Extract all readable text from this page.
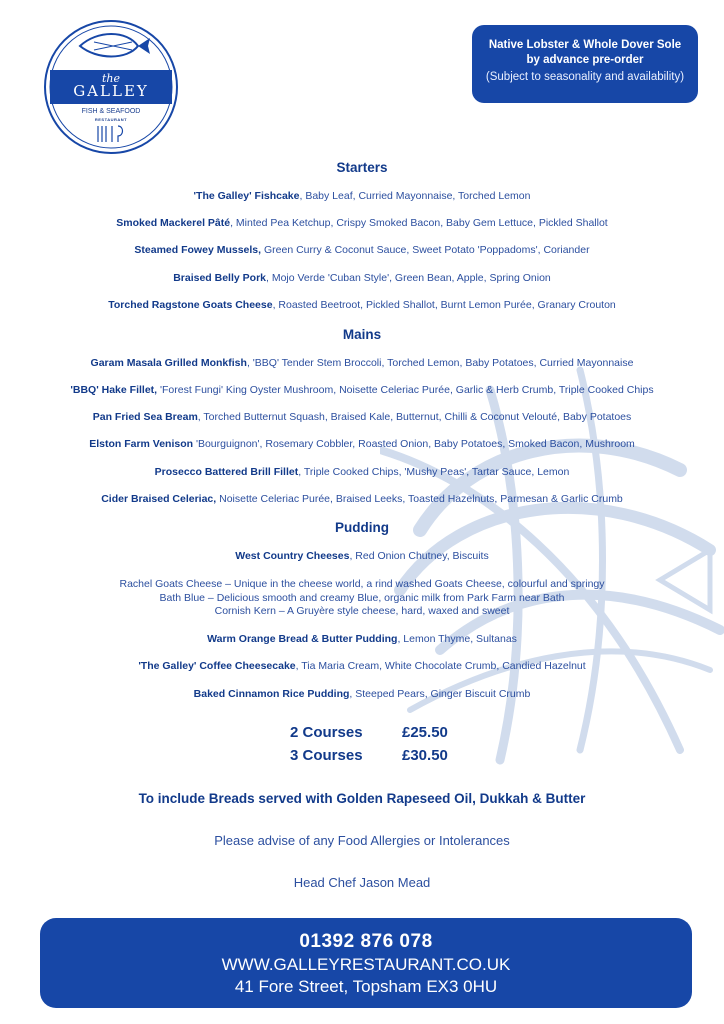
the
GALLEY
FISH & SEAFOOD
RESTAURANT
Native Lobster & Whole Dover Sole
by advance pre-order
(Subject to seasonality and availability)
Starters
'The Galley' Fishcake, Baby Leaf, Curried Mayonnaise, Torched Lemon
Smoked Mackerel Pâté, Minted Pea Ketchup, Crispy Smoked Bacon, Baby Gem Lettuce, Pickled Shallot
Steamed Fowey Mussels, Green Curry & Coconut Sauce, Sweet Potato 'Poppadoms', Coriander
Braised Belly Pork, Mojo Verde 'Cuban Style', Green Bean, Apple, Spring Onion
Torched Ragstone Goats Cheese, Roasted Beetroot, Pickled Shallot, Burnt Lemon Purée, Granary Crouton
Mains
Garam Masala Grilled Monkfish, 'BBQ' Tender Stem Broccoli, Torched Lemon, Baby Potatoes, Curried Mayonnaise
'BBQ' Hake Fillet, 'Forest Fungi' King Oyster Mushroom, Noisette Celeriac Purée, Garlic & Herb Crumb, Triple Cooked Chips
Pan Fried Sea Bream, Torched Butternut Squash, Braised Kale, Butternut, Chilli & Coconut Velouté, Baby Potatoes
Elston Farm Venison 'Bourguignon', Rosemary Cobbler, Roasted Onion, Baby Potatoes, Smoked Bacon, Mushroom
Prosecco Battered Brill Fillet, Triple Cooked Chips, 'Mushy Peas', Tartar Sauce, Lemon
Cider Braised Celeriac, Noisette Celeriac Purée, Braised Leeks, Toasted Hazelnuts, Parmesan & Garlic Crumb
Pudding
West Country Cheeses, Red Onion Chutney, Biscuits
Rachel Goats Cheese – Unique in the cheese world, a rind washed Goats Cheese, colourful and springy
Bath Blue – Delicious smooth and creamy Blue, organic milk from Park Farm near Bath
Cornish Kern – A Gruyère style cheese, hard, waxed and sweet
Warm Orange Bread & Butter Pudding, Lemon Thyme, Sultanas
'The Galley' Coffee Cheesecake, Tia Maria Cream, White Chocolate Crumb, Candied Hazelnut
Baked Cinnamon Rice Pudding, Steeped Pears, Ginger Biscuit Crumb
2 Courses	£25.50
3 Courses	£30.50
To include Breads served with Golden Rapeseed Oil, Dukkah & Butter
Please advise of any Food Allergies or Intolerances
Head Chef Jason Mead
01392 876 078
WWW.GALLEYRESTAURANT.CO.UK
41 Fore Street, Topsham EX3 0HU
